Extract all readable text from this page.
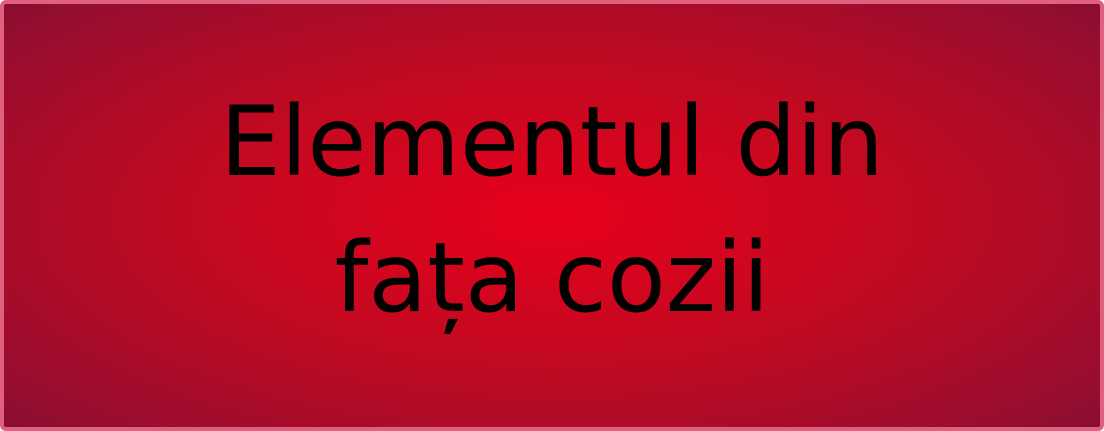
Elementul din
fața cozii
